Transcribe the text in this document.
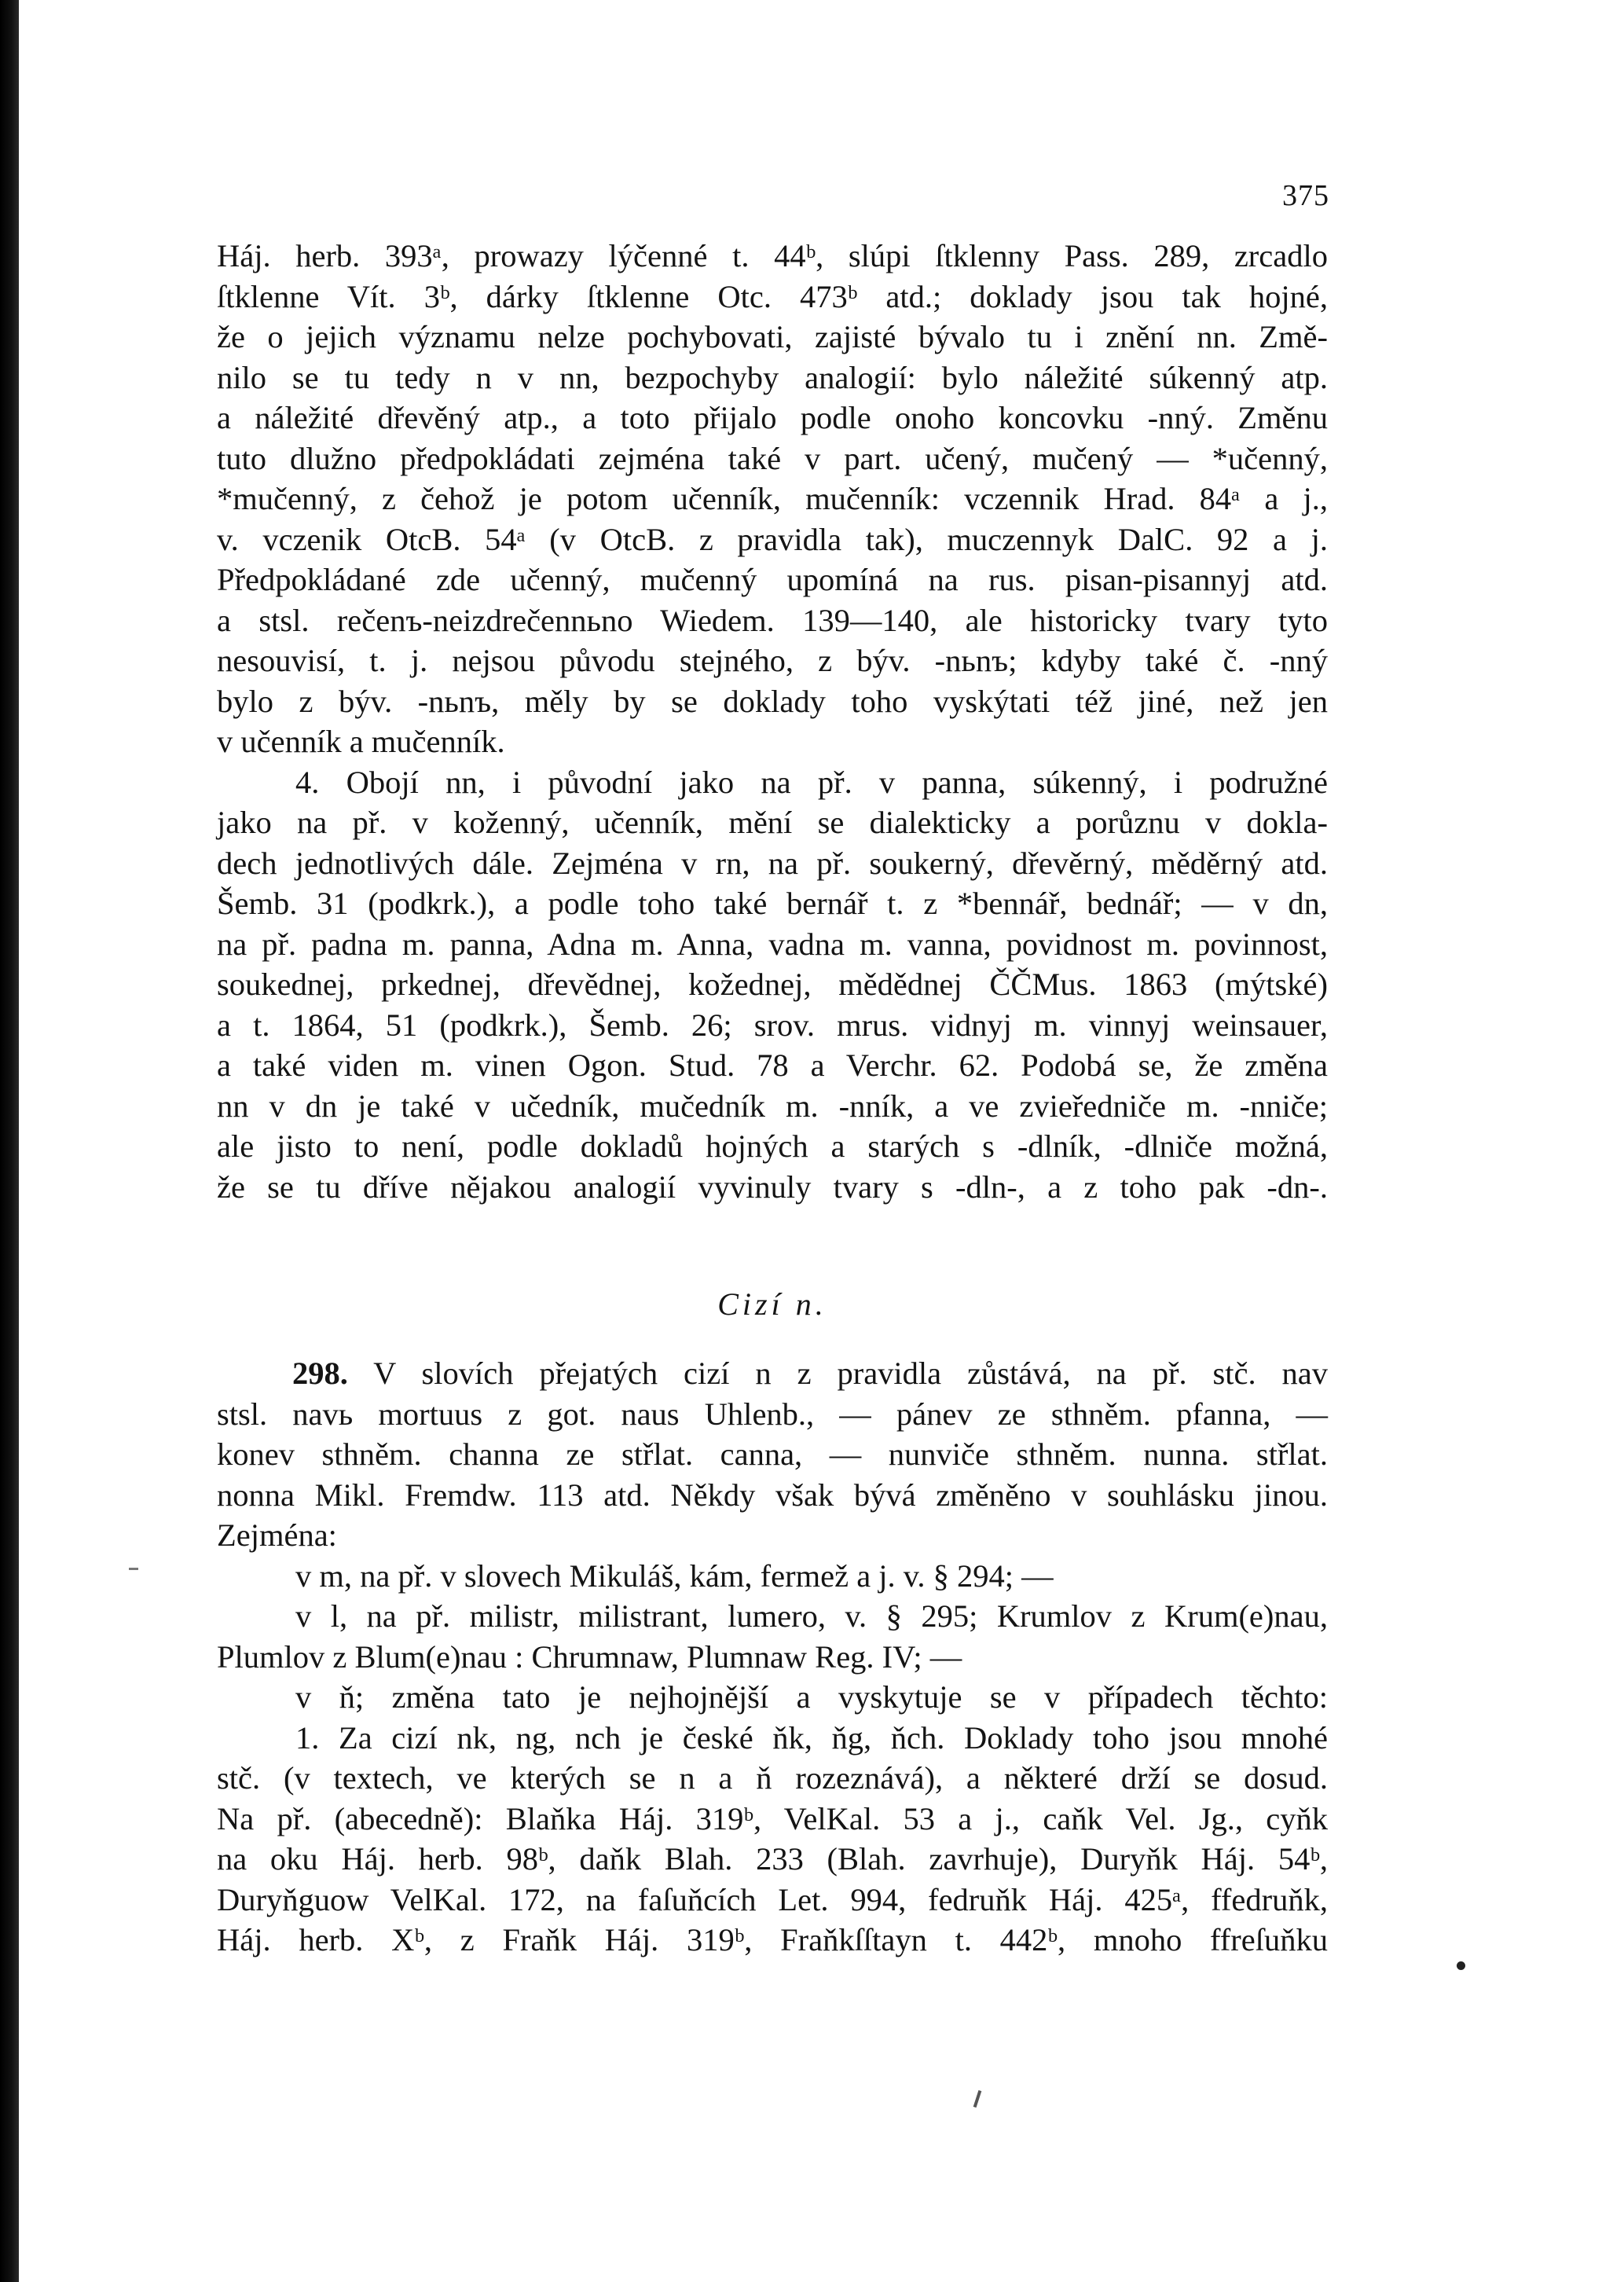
375
Háj. herb. 393ᵃ, prowazy lýčenné t. 44ᵇ, slúpi ſtklenny Pass. 289, zrcadlo
ſtklenne Vít. 3ᵇ, dárky ſtklenne Otc. 473ᵇ atd.; doklady jsou tak hojné,
že o jejich významu nelze pochybovati, zajisté bývalo tu i znění nn. Změ-
nilo se tu tedy n v nn, bezpochyby analogií: bylo náležité súkenný atp.
a náležité dřevěný atp., a toto přijalo podle onoho koncovku -nný. Změnu
tuto dlužno předpokládati zejména také v part. učený, mučený — *učenný,
*mučenný, z čehož je potom učenník, mučenník: vczennik Hrad. 84ᵃ a j.,
v. vczenik OtcB. 54ᵃ (v OtcB. z pravidla tak), muczennyk DalC. 92 a j.
Předpokládané zde učenný, mučenný upomíná na rus. pisan-pisannyj atd.
a stsl. rečenъ-neizdrečennьno Wiedem. 139—140, ale historicky tvary tyto
nesouvisí, t. j. nejsou původu stejného, z býv. -nьnъ; kdyby také č. -nný
bylo z býv. -nьnъ, měly by se doklady toho vyskýtati též jiné, než jen
v učenník a mučenník.
4. Obojí nn, i původní jako na př. v panna, súkenný, i podružné
jako na př. v koženný, učenník, mění se dialekticky a porůznu v dokla-
dech jednotlivých dále. Zejména v rn, na př. soukerný, dřevěrný, měděrný atd.
Šemb. 31 (podkrk.), a podle toho také bernář t. z *bennář, bednář; — v dn,
na př. padna m. panna, Adna m. Anna, vadna m. vanna, povidnost m. povinnost,
soukednej, prkednej, dřevědnej, kožednej, mědědnej ČČMus. 1863 (mýtské)
a t. 1864, 51 (podkrk.), Šemb. 26; srov. mrus. vidnyj m. vinnyj weinsauer,
a také viden m. vinen Ogon. Stud. 78 a Verchr. 62. Podobá se, že změna
nn v dn je také v učedník, mučedník m. -nník, a ve zvieředniče m. -nniče;
ale jisto to není, podle dokladů hojných a starých s -dlník, -dlniče možná,
že se tu dříve nějakou analogií vyvinuly tvary s -dln-, a z toho pak -dn-.
Cizí n.
298. V slovích přejatých cizí n z pravidla zůstává, na př. stč. nav
stsl. navь mortuus z got. naus Uhlenb., — pánev ze sthněm. pfanna, —
konev sthněm. channa ze střlat. canna, — nunviče sthněm. nunna. střlat.
nonna Mikl. Fremdw. 113 atd. Někdy však bývá změněno v souhlásku jinou.
Zejména:
v m, na př. v slovech Mikuláš, kám, fermež a j. v. § 294; —
v l, na př. milistr, milistrant, lumero, v. § 295; Krumlov z Krum(e)nau,
Plumlov z Blum(e)nau : Chrumnaw, Plumnaw Reg. IV; —
v ň; změna tato je nejhojnější a vyskytuje se v případech těchto:
1. Za cizí nk, ng, nch je české ňk, ňg, ňch. Doklady toho jsou mnohé
stč. (v textech, ve kterých se n a ň rozeznává), a některé drží se dosud.
Na př. (abecedně): Blaňka Háj. 319ᵇ, VelKal. 53 a j., caňk Vel. Jg., cyňk
na oku Háj. herb. 98ᵇ, daňk Blah. 233 (Blah. zavrhuje), Duryňk Háj. 54ᵇ,
Duryňguow VelKal. 172, na faſuňcích Let. 994, fedruňk Háj. 425ᵃ, ffedruňk,
Háj. herb. Xᵇ, z Fraňk Háj. 319ᵇ, Fraňkſſtayn t. 442ᵇ, mnoho ffreſuňku
